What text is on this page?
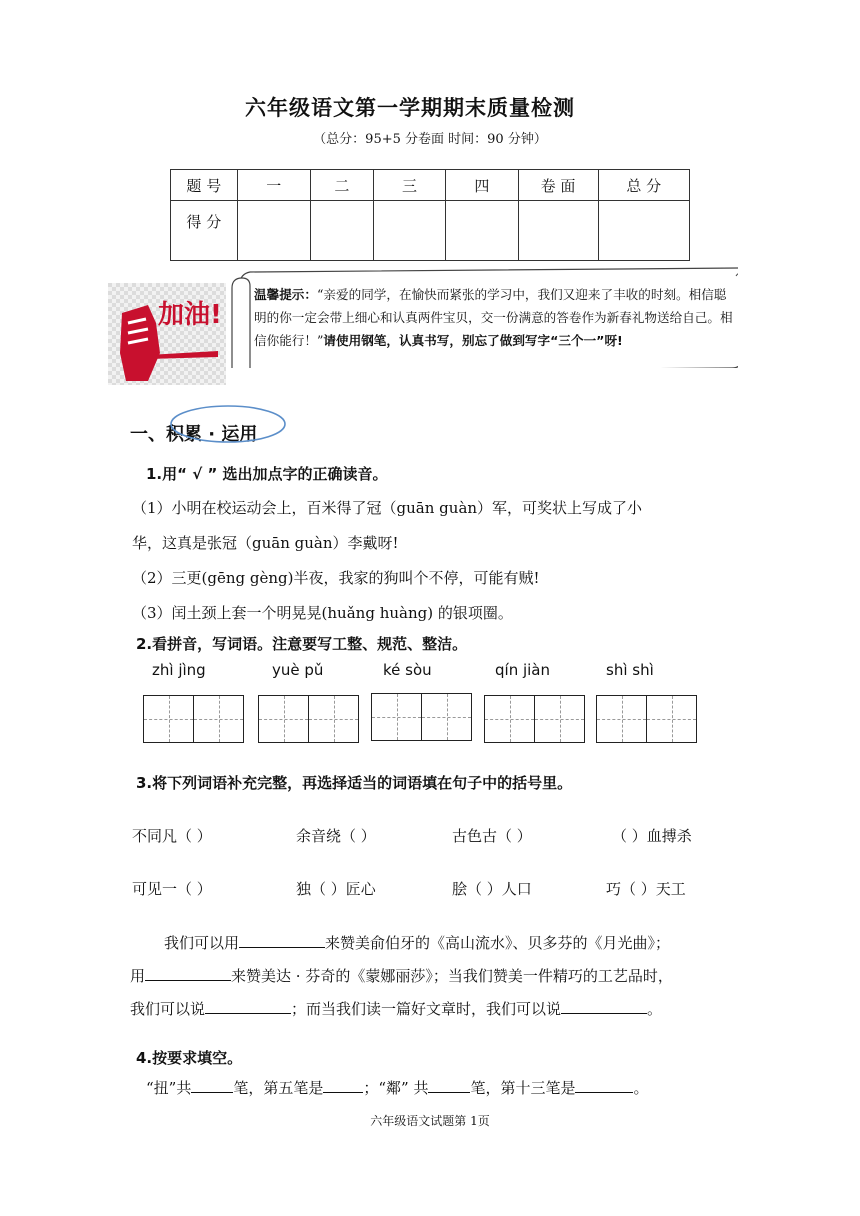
六年级语文第一学期期末质量检测
（总分：95+5 分卷面 时间：90 分钟）
题 号	一	二	三	四	卷 面	总 分
得 分						
加油!
温馨提示：“亲爱的同学，在愉快而紧张的学习中，我们又迎来了丰收的时刻。相信聪明的你一定会带上细心和认真两件宝贝，交一份满意的答卷作为新春礼物送给自己。相信你能行！”请使用钢笔，认真书写，别忘了做到写字“三个一”呀!
一、积累 · 运用
1.用“ √ ” 选出加点字的正确读音。
（1）小明在校运动会上，百米得了冠（guān guàn）军，可奖状上写成了小
华，这真是张冠（guān guàn）李戴呀!
（2）三更(gēng gèng)半夜，我家的狗叫个不停，可能有贼!
（3）闰土颈上套一个明晃晃(huǎng huàng) 的银项圈。
2.看拼音，写词语。注意要写工整、规范、整洁。
zhì jìng	yuè pǔ	ké sòu	qín jiàn	shì shì
3.将下列词语补充完整，再选择适当的词语填在句子中的括号里。
不同凡（ ）	余音绕（ ）	古色古（ ）	（ ）血搏杀
可见一（ ）	独（ ）匠心	脍（ ）人口	巧（ ）天工
我们可以用	来赞美俞伯牙的《高山流水》、贝多芬的《月光曲》；
用	来赞美达 · 芬奇的《蒙娜丽莎》；当我们赞美一件精巧的工艺品时，
我们可以说	；而当我们读一篇好文章时，我们可以说	。
4.按要求填空。
“扭”共	笔，第五笔是	；“鄰” 共	笔，第十三笔是	。
六年级语文试题第 1页
